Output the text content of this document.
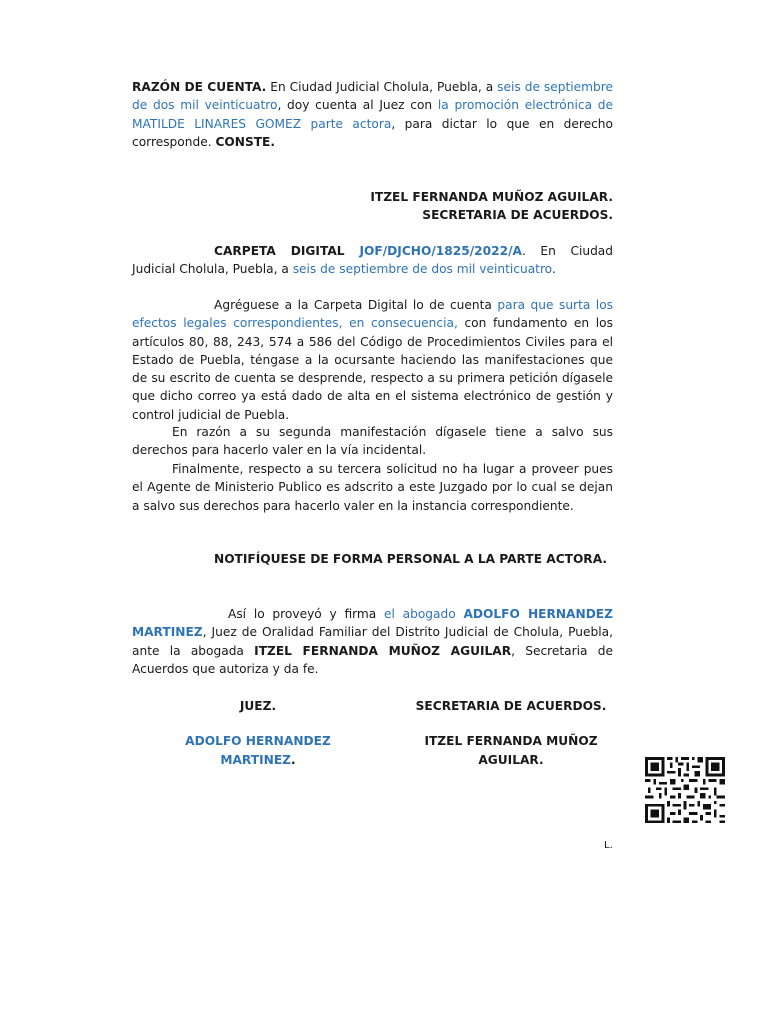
RAZÓN DE CUENTA. En Ciudad Judicial Cholula, Puebla, a seis de septiembre de dos mil veinticuatro, doy cuenta al Juez con la promoción electrónica de MATILDE LINARES GOMEZ parte actora, para dictar lo que en derecho corresponde. CONSTE.

ITZEL FERNANDA MUÑOZ AGUILAR.
SECRETARIA DE ACUERDOS.

CARPETA DIGITAL JOF/DJCHO/1825/2022/A. En Ciudad Judicial Cholula, Puebla, a seis de septiembre de dos mil veinticuatro.

Agréguese a la Carpeta Digital lo de cuenta para que surta los efectos legales correspondientes, en consecuencia, con fundamento en los artículos 80, 88, 243, 574 a 586 del Código de Procedimientos Civiles para el Estado de Puebla, téngase a la ocursante haciendo las manifestaciones que de su escrito de cuenta se desprende, respecto a su primera petición dígasele que dicho correo ya está dado de alta en el sistema electrónico de gestión y control judicial de Puebla.

En razón a su segunda manifestación dígasele tiene a salvo sus derechos para hacerlo valer en la vía incidental.

Finalmente, respecto a su tercera solicitud no ha lugar a proveer pues el Agente de Ministerio Publico es adscrito a este Juzgado por lo cual se dejan a salvo sus derechos para hacerlo valer en la instancia correspondiente.

NOTIFÍQUESE DE FORMA PERSONAL A LA PARTE ACTORA.

Así lo proveyó y firma el abogado ADOLFO HERNANDEZ MARTINEZ, Juez de Oralidad Familiar del Distrito Judicial de Cholula, Puebla, ante la abogada ITZEL FERNANDA MUÑOZ AGUILAR, Secretaria de Acuerdos que autoriza y da fe.

JUEZ.
ADOLFO HERNANDEZ
MARTINEZ.
SECRETARIA DE ACUERDOS.
ITZEL FERNANDA MUÑOZ
AGUILAR.
L.
